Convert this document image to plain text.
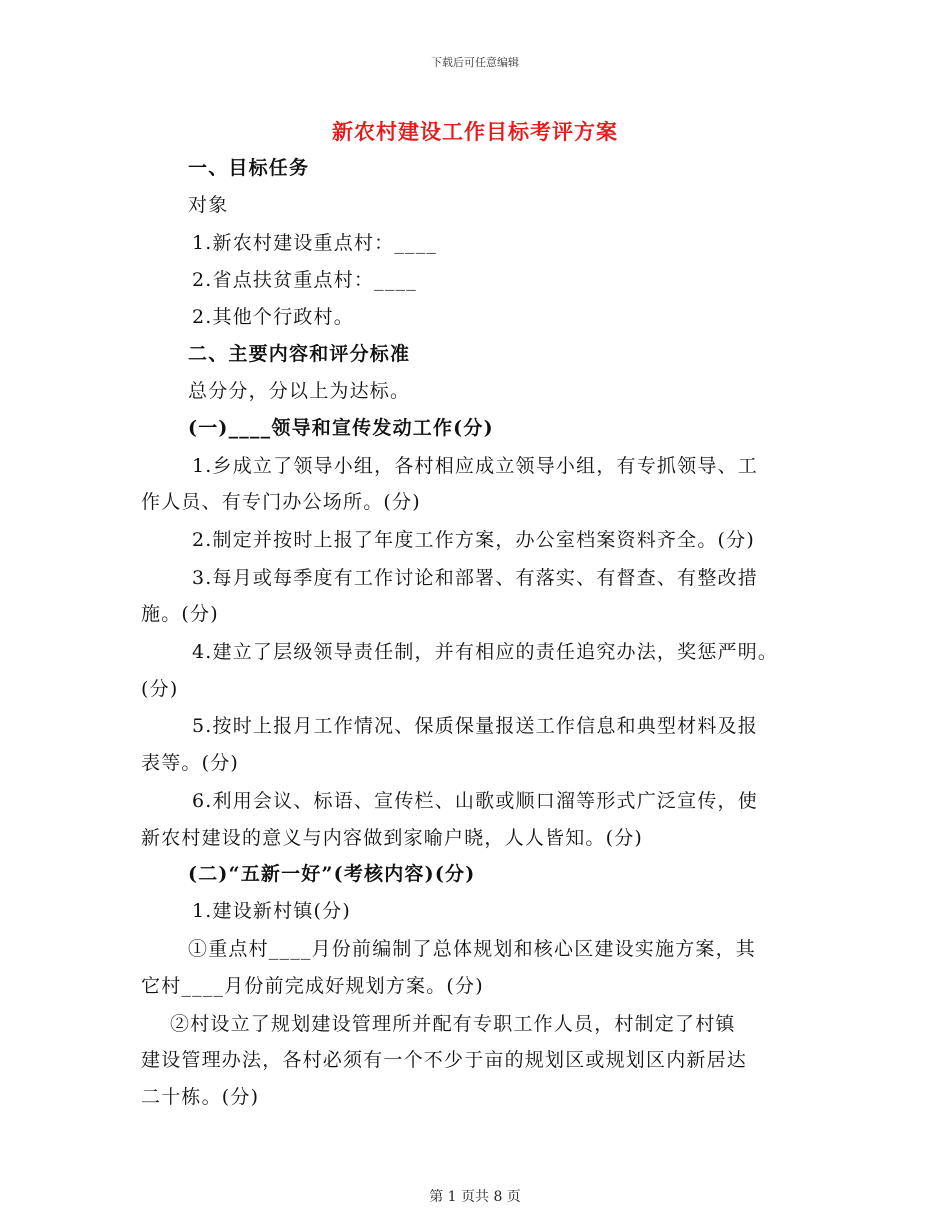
下载后可任意编辑
新农村建设工作目标考评方案
一、目标任务
对象
1.新农村建设重点村：____
2.省点扶贫重点村：____
2.其他个行政村。
二、主要内容和评分标准
总分分，分以上为达标。
(一)____领导和宣传发动工作(分)
1.乡成立了领导小组，各村相应成立领导小组，有专抓领导、工
作人员、有专门办公场所。(分)
2.制定并按时上报了年度工作方案，办公室档案资料齐全。(分)
3.每月或每季度有工作讨论和部署、有落实、有督查、有整改措
施。(分)
4.建立了层级领导责任制，并有相应的责任追究办法，奖惩严明。
(分)
5.按时上报月工作情况、保质保量报送工作信息和典型材料及报
表等。(分)
6.利用会议、标语、宣传栏、山歌或顺口溜等形式广泛宣传，使
新农村建设的意义与内容做到家喻户晓，人人皆知。(分)
(二)“五新一好”(考核内容)(分)
1.建设新村镇(分)
①重点村____月份前编制了总体规划和核心区建设实施方案，其
它村____月份前完成好规划方案。(分)
②村设立了规划建设管理所并配有专职工作人员，村制定了村镇
建设管理办法，各村必须有一个不少于亩的规划区或规划区内新居达
二十栋。(分)
第 1 页共 8 页
